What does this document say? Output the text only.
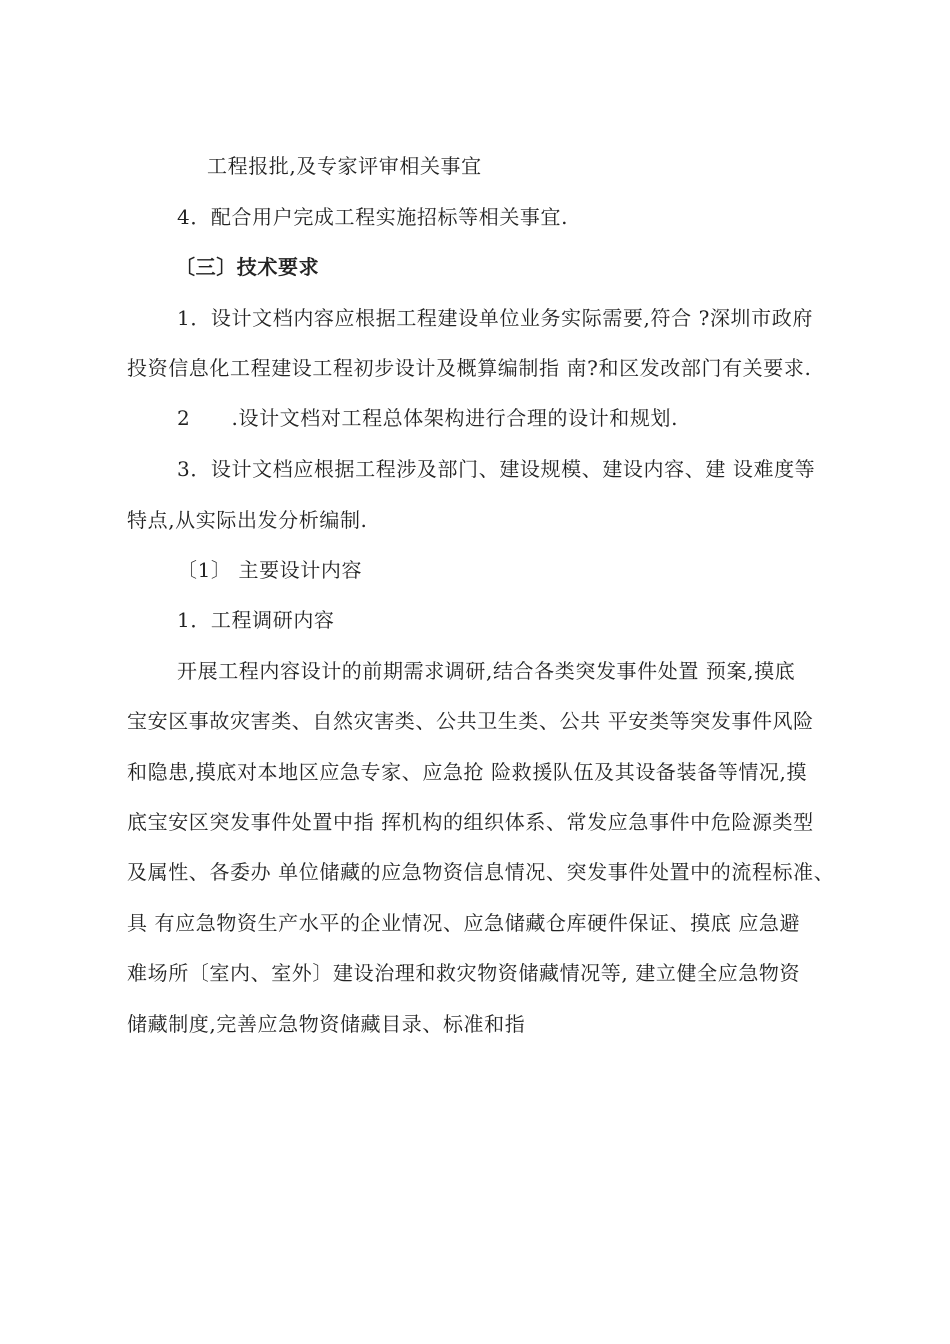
工程报批,及专家评审相关事宜
4．配合用户完成工程实施招标等相关事宜.
〔三〕技术要求
1．设计文档内容应根据工程建设单位业务实际需要,符合 ?深圳市政府
投资信息化工程建设工程初步设计及概算编制指 南?和区发改部门有关要求.
2　　.设计文档对工程总体架构进行合理的设计和规划.
3．设计文档应根据工程涉及部门、建设规模、建设内容、建 设难度等
特点,从实际出发分析编制.
〔1〕 主要设计内容
1．工程调研内容
开展工程内容设计的前期需求调研,结合各类突发事件处置 预案,摸底
宝安区事故灾害类、自然灾害类、公共卫生类、公共 平安类等突发事件风险
和隐患,摸底对本地区应急专家、应急抢 险救援队伍及其设备装备等情况,摸
底宝安区突发事件处置中指 挥机构的组织体系、常发应急事件中危险源类型
及属性、各委办 单位储藏的应急物资信息情况、突发事件处置中的流程标准、
具 有应急物资生产水平的企业情况、应急储藏仓库硬件保证、摸底 应急避
难场所〔室内、室外〕建设治理和救灾物资储藏情况等, 建立健全应急物资
储藏制度,完善应急物资储藏目录、标准和指
